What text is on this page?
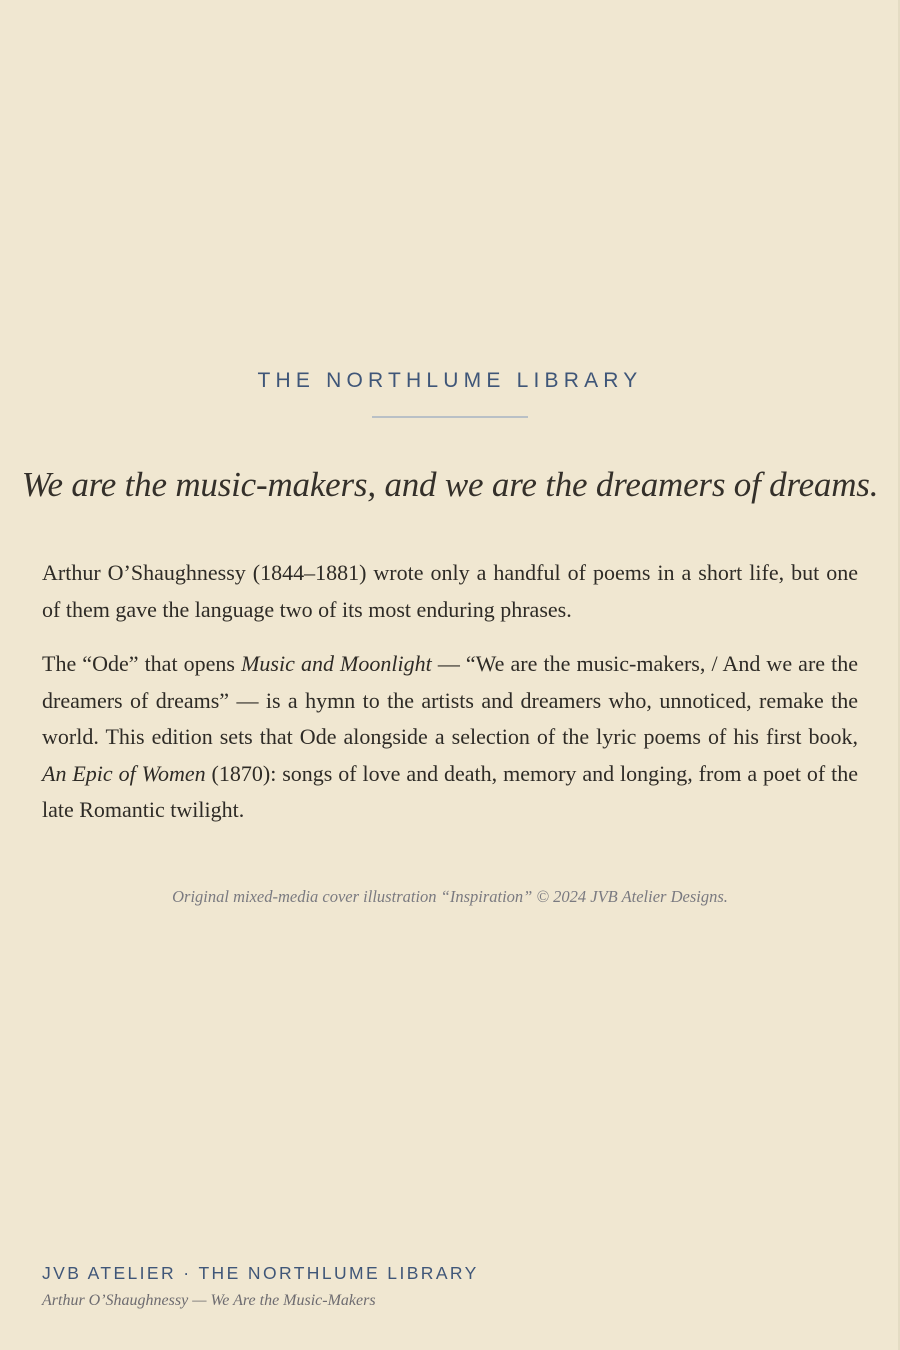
THE NORTHLUME LIBRARY
We are the music-makers, and we are the dreamers of dreams.

Arthur O’Shaughnessy (1844–1881) wrote only a handful of poems in a short life, but one of them gave the language two of its most enduring phrases.

The “Ode” that opens Music and Moonlight — “We are the music-makers, / And we are the dreamers of dreams” — is a hymn to the artists and dreamers who, unnoticed, remake the world. This edition sets that Ode alongside a selection of the lyric poems of his first book, An Epic of Women (1870): songs of love and death, memory and longing, from a poet of the late Romantic twilight.

Original mixed-media cover illustration “Inspiration” © 2024 JVB Atelier Designs.
JVB ATELIER · THE NORTHLUME LIBRARY
Arthur O’Shaughnessy — We Are the Music-Makers
